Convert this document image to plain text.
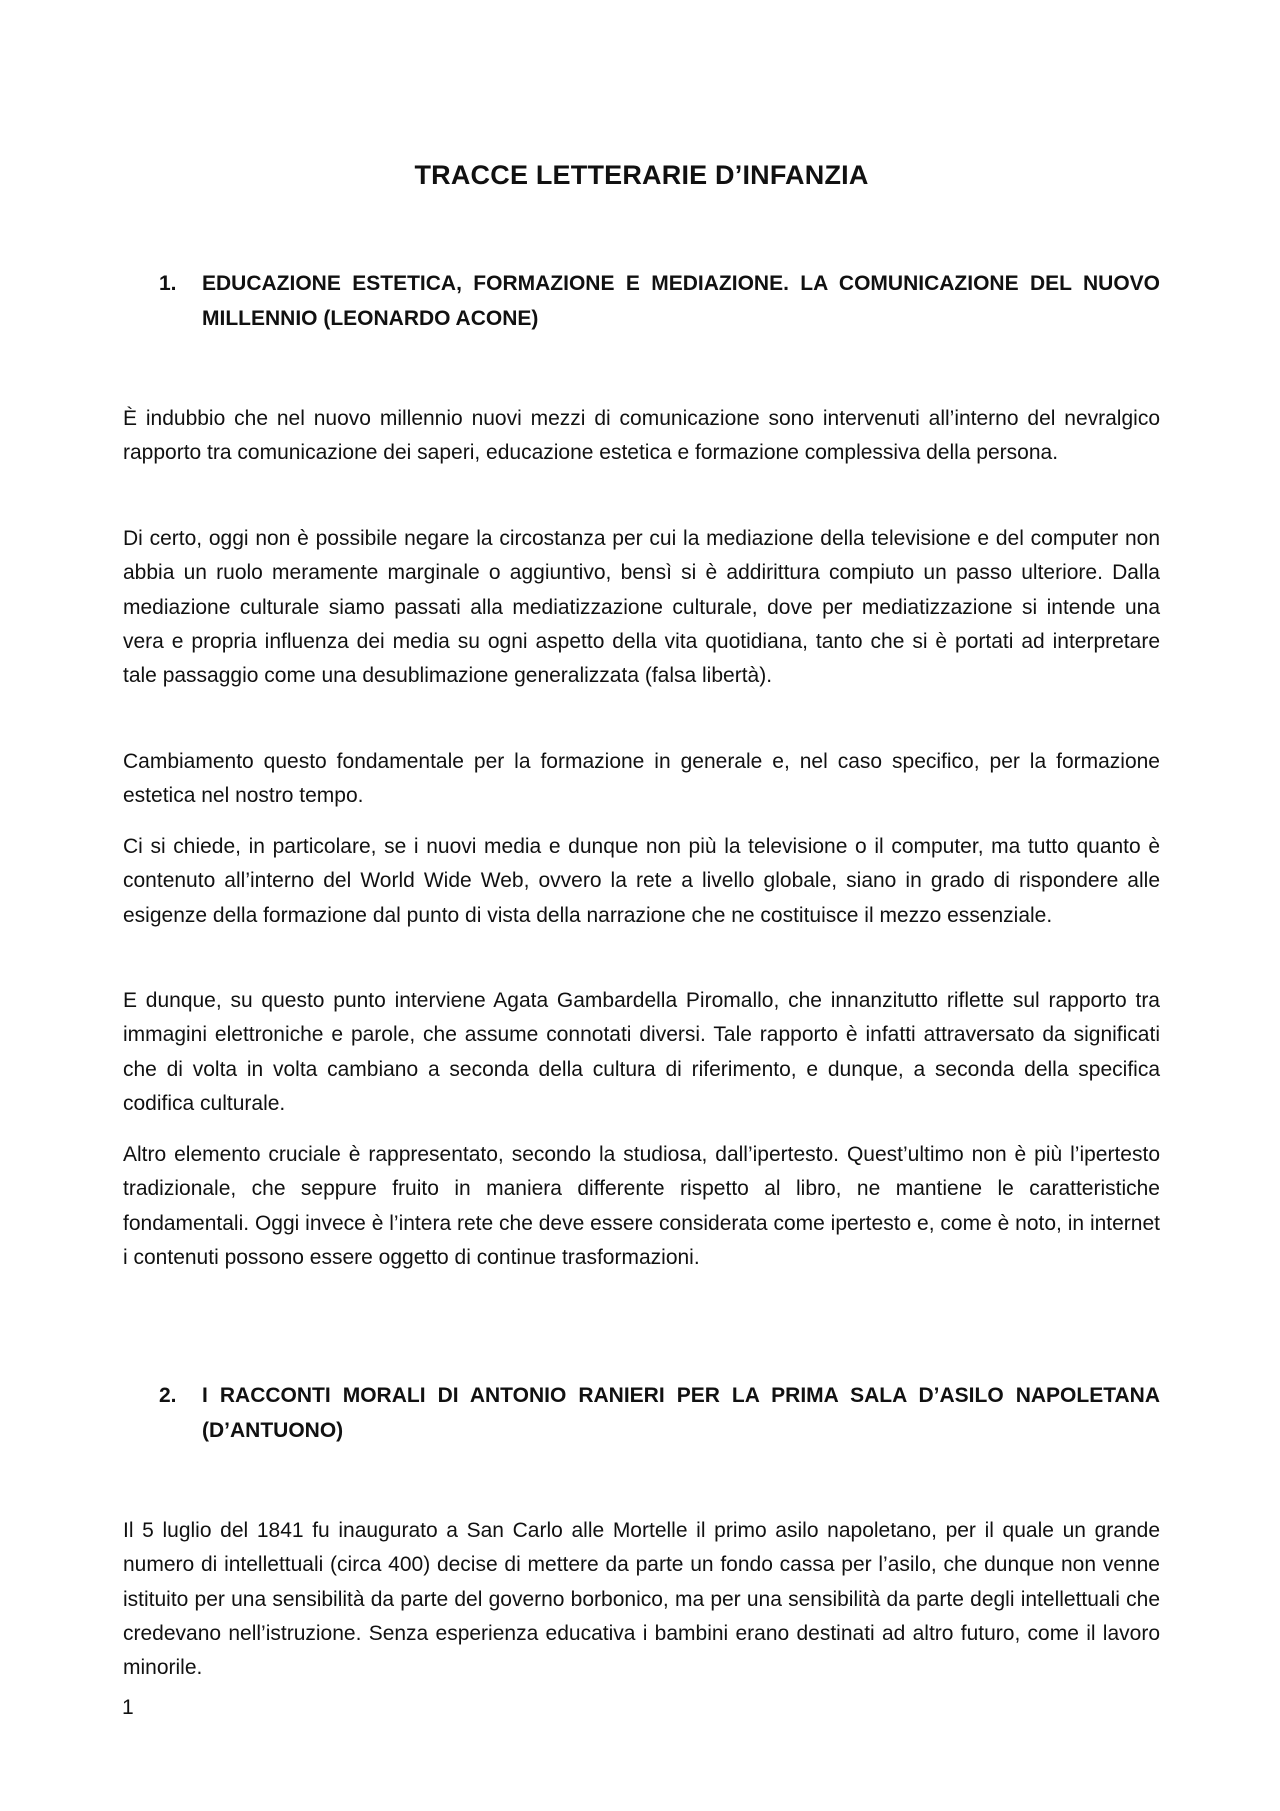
TRACCE LETTERARIE D’INFANZIA
1.	EDUCAZIONE ESTETICA, FORMAZIONE E MEDIAZIONE. LA COMUNICAZIONE DEL NUOVO MILLENNIO (LEONARDO ACONE)

È indubbio che nel nuovo millennio nuovi mezzi di comunicazione sono intervenuti all’interno del nevralgico rapporto tra comunicazione dei saperi, educazione estetica e formazione complessiva della persona.

Di certo, oggi non è possibile negare la circostanza per cui la mediazione della televisione e del computer non abbia un ruolo meramente marginale o aggiuntivo, bensì si è addirittura compiuto un passo ulteriore. Dalla mediazione culturale siamo passati alla mediatizzazione culturale, dove per mediatizzazione si intende una vera e propria influenza dei media su ogni aspetto della vita quotidiana, tanto che si è portati ad interpretare tale passaggio come una desublimazione generalizzata (falsa libertà).

Cambiamento questo fondamentale per la formazione in generale e, nel caso specifico, per la formazione estetica nel nostro tempo.

Ci si chiede, in particolare, se i nuovi media e dunque non più la televisione o il computer, ma tutto quanto è contenuto all’interno del World Wide Web, ovvero la rete a livello globale, siano in grado di rispondere alle esigenze della formazione dal punto di vista della narrazione che ne costituisce il mezzo essenziale.

E dunque, su questo punto interviene Agata Gambardella Piromallo, che innanzitutto riflette sul rapporto tra immagini elettroniche e parole, che assume connotati diversi. Tale rapporto è infatti attraversato da significati che di volta in volta cambiano a seconda della cultura di riferimento, e dunque, a seconda della specifica codifica culturale.

Altro elemento cruciale è rappresentato, secondo la studiosa, dall’ipertesto. Quest’ultimo non è più l’ipertesto tradizionale, che seppure fruito in maniera differente rispetto al libro, ne mantiene le caratteristiche fondamentali. Oggi invece è l’intera rete che deve essere considerata come ipertesto e, come è noto, in internet i contenuti possono essere oggetto di continue trasformazioni.

2.	I RACCONTI MORALI DI ANTONIO RANIERI PER LA PRIMA SALA D’ASILO NAPOLETANA (D’ANTUONO)

Il 5 luglio del 1841 fu inaugurato a San Carlo alle Mortelle il primo asilo napoletano, per il quale un grande numero di intellettuali (circa 400) decise di mettere da parte un fondo cassa per l’asilo, che dunque non venne istituito per una sensibilità da parte del governo borbonico, ma per una sensibilità da parte degli intellettuali che credevano nell’istruzione. Senza esperienza educativa i bambini erano destinati ad altro futuro, come il lavoro minorile.

1
